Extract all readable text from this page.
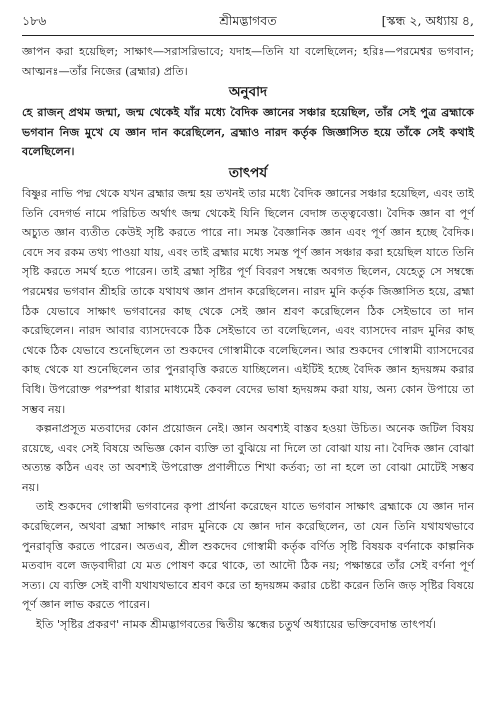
১৮৬	শ্রীমদ্ভাগবত	[স্কন্ধ ২, অধ্যায় ৪,

জ্ঞাপন করা হয়েছিল; সাক্ষাৎ—সরাসরিভাবে; যদাহ—তিনি যা বলেছিলেন; হরিঃ—পরমেশ্বর ভগবান; আত্মনঃ—তাঁর নিজের (ব্রহ্মার) প্রতি।

অনুবাদ

হে রাজন্ প্রথম জন্মা, জন্ম থেকেই যাঁর মধ্যে বৈদিক জ্ঞানের সঞ্চার হয়েছিল, তাঁর সেই পুত্র ব্রহ্মাকে ভগবান নিজ মুখে যে জ্ঞান দান করেছিলেন, ব্রহ্মাও নারদ কর্তৃক জিজ্ঞাসিত হয়ে তাঁকে সেই কথাই বলেছিলেন।

তাৎপর্য

বিষ্ণুর নাভি পদ্ম থেকে যখন ব্রহ্মার জন্ম হয় তখনই তার মধ্যে বৈদিক জ্ঞানের সঞ্চার হয়েছিল, এবং তাই তিনি বেদগর্ভ নামে পরিচিত অর্থাৎ জন্ম থেকেই যিনি ছিলেন বেদাঙ্গ তত্ত্ববেত্তা। বৈদিক জ্ঞান বা পূর্ণ অচ্যুত জ্ঞান ব্যতীত কেউই সৃষ্টি করতে পারে না। সমস্ত বৈজ্ঞানিক জ্ঞান এবং পূর্ণ জ্ঞান হচ্ছে বৈদিক। বেদে সব রকম তথ্য পাওয়া যায়, এবং তাই ব্রহ্মার মধ্যে সমস্ত পূর্ণ জ্ঞান সঞ্চার করা হয়েছিল যাতে তিনি সৃষ্টি করতে সমর্থ হতে পারেন। তাই ব্রহ্মা সৃষ্টির পূর্ণ বিবরণ সম্বন্ধে অবগত ছিলেন, যেহেতু সে সম্বন্ধে পরমেশ্বর ভগবান শ্রীহরি তাকে যথাযথ জ্ঞান প্রদান করেছিলেন। নারদ মুনি কর্তৃক জিজ্ঞাসিত হয়ে, ব্রহ্মা ঠিক যেভাবে সাক্ষাৎ ভগবানের কাছ থেকে সেই জ্ঞান শ্রবণ করেছিলেন ঠিক সেইভাবে তা দান করেছিলেন। নারদ আবার ব্যাসদেবকে ঠিক সেইভাবে তা বলেছিলেন, এবং ব্যাসদেব নারদ মুনির কাছ থেকে ঠিক যেভাবে শুনেছিলেন তা শুকদেব গোস্বামীকে বলেছিলেন। আর শুকদেব গোস্বামী ব্যাসদেবের কাছ থেকে যা শুনেছিলেন তার পুনরাবৃত্তি করতে যাচ্ছিলেন। এইটিই হচ্ছে বৈদিক জ্ঞান হৃদয়ঙ্গম করার বিধি। উপরোক্ত পরম্পরা ধারার মাধ্যমেই কেবল বেদের ভাষা হৃদয়ঙ্গম করা যায়, অন্য কোন উপায়ে তা সম্ভব নয়।

কল্পনাপ্রসূত মতবাদের কোন প্রয়োজন নেই। জ্ঞান অবশ্যই বাস্তব হওয়া উচিত। অনেক জটিল বিষয় রয়েছে, এবং সেই বিষয়ে অভিজ্ঞ কোন ব্যক্তি তা বুঝিয়ে না দিলে তা বোঝা যায় না। বৈদিক জ্ঞান বোঝা অত্যন্ত কঠিন এবং তা অবশ্যই উপরোক্ত প্রণালীতে শিখা কর্তব্য; তা না হলে তা বোঝা মোটেই সম্ভব নয়।

তাই শুকদেব গোস্বামী ভগবানের কৃপা প্রার্থনা করেছেন যাতে ভগবান সাক্ষাৎ ব্রহ্মাকে যে জ্ঞান দান করেছিলেন, অথবা ব্রহ্মা সাক্ষাৎ নারদ মুনিকে যে জ্ঞান দান করেছিলেন, তা যেন তিনি যথাযথভাবে পুনরাবৃত্তি করতে পারেন। অতএব, শ্রীল শুকদেব গোস্বামী কর্তৃক বর্ণিত সৃষ্টি বিষয়ক বর্ণনাকে কাল্পনিক মতবাদ বলে জড়বাদীরা যে মত পোষণ করে থাকে, তা আদৌ ঠিক নয়; পক্ষান্তরে তাঁর সেই বর্ণনা পূর্ণ সত্য। যে ব্যক্তি সেই বাণী যথাযথভাবে শ্রবণ করে তা হৃদয়ঙ্গম করার চেষ্টা করেন তিনি জড় সৃষ্টির বিষয়ে পূর্ণ জ্ঞান লাভ করতে পারেন।

ইতি 'সৃষ্টির প্রকরণ' নামক শ্রীমদ্ভাগবতের দ্বিতীয় স্কন্ধের চতুর্থ অধ্যায়ের ভক্তিবেদান্ত তাৎপর্য।
